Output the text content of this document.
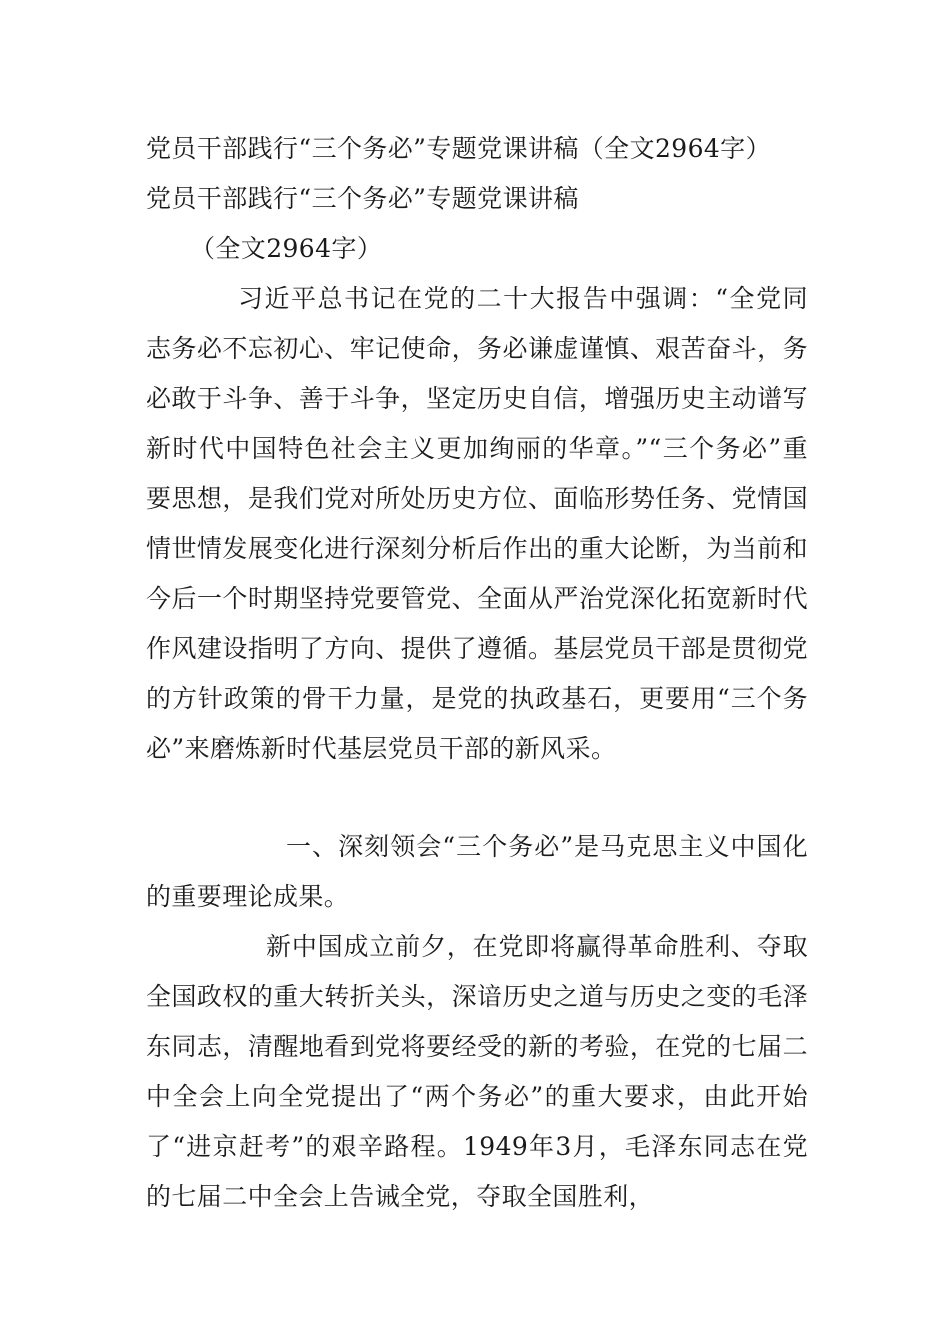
党员干部践行“三个务必”专题党课讲稿（全文2964字）

党员干部践行“三个务必”专题党课讲稿

（全文2964字）

习近平总书记在党的二十大报告中强调：“全党同志务必不忘初心、牢记使命，务必谦虚谨慎、艰苦奋斗，务必敢于斗争、善于斗争，坚定历史自信，增强历史主动谱写新时代中国特色社会主义更加绚丽的华章。”“三个务必”重要思想，是我们党对所处历史方位、面临形势任务、党情国情世情发展变化进行深刻分析后作出的重大论断，为当前和今后一个时期坚持党要管党、全面从严治党深化拓宽新时代作风建设指明了方向、提供了遵循。基层党员干部是贯彻党的方针政策的骨干力量，是党的执政基石，更要用“三个务必”来磨炼新时代基层党员干部的新风采。

一、深刻领会“三个务必”是马克思主义中国化的重要理论成果。

新中国成立前夕，在党即将赢得革命胜利、夺取全国政权的重大转折关头，深谙历史之道与历史之变的毛泽东同志，清醒地看到党将要经受的新的考验，在党的七届二中全会上向全党提出了“两个务必”的重大要求，由此开始了“进京赶考”的艰辛路程。1949年3月，毛泽东同志在党的七届二中全会上告诫全党，夺取全国胜利，
